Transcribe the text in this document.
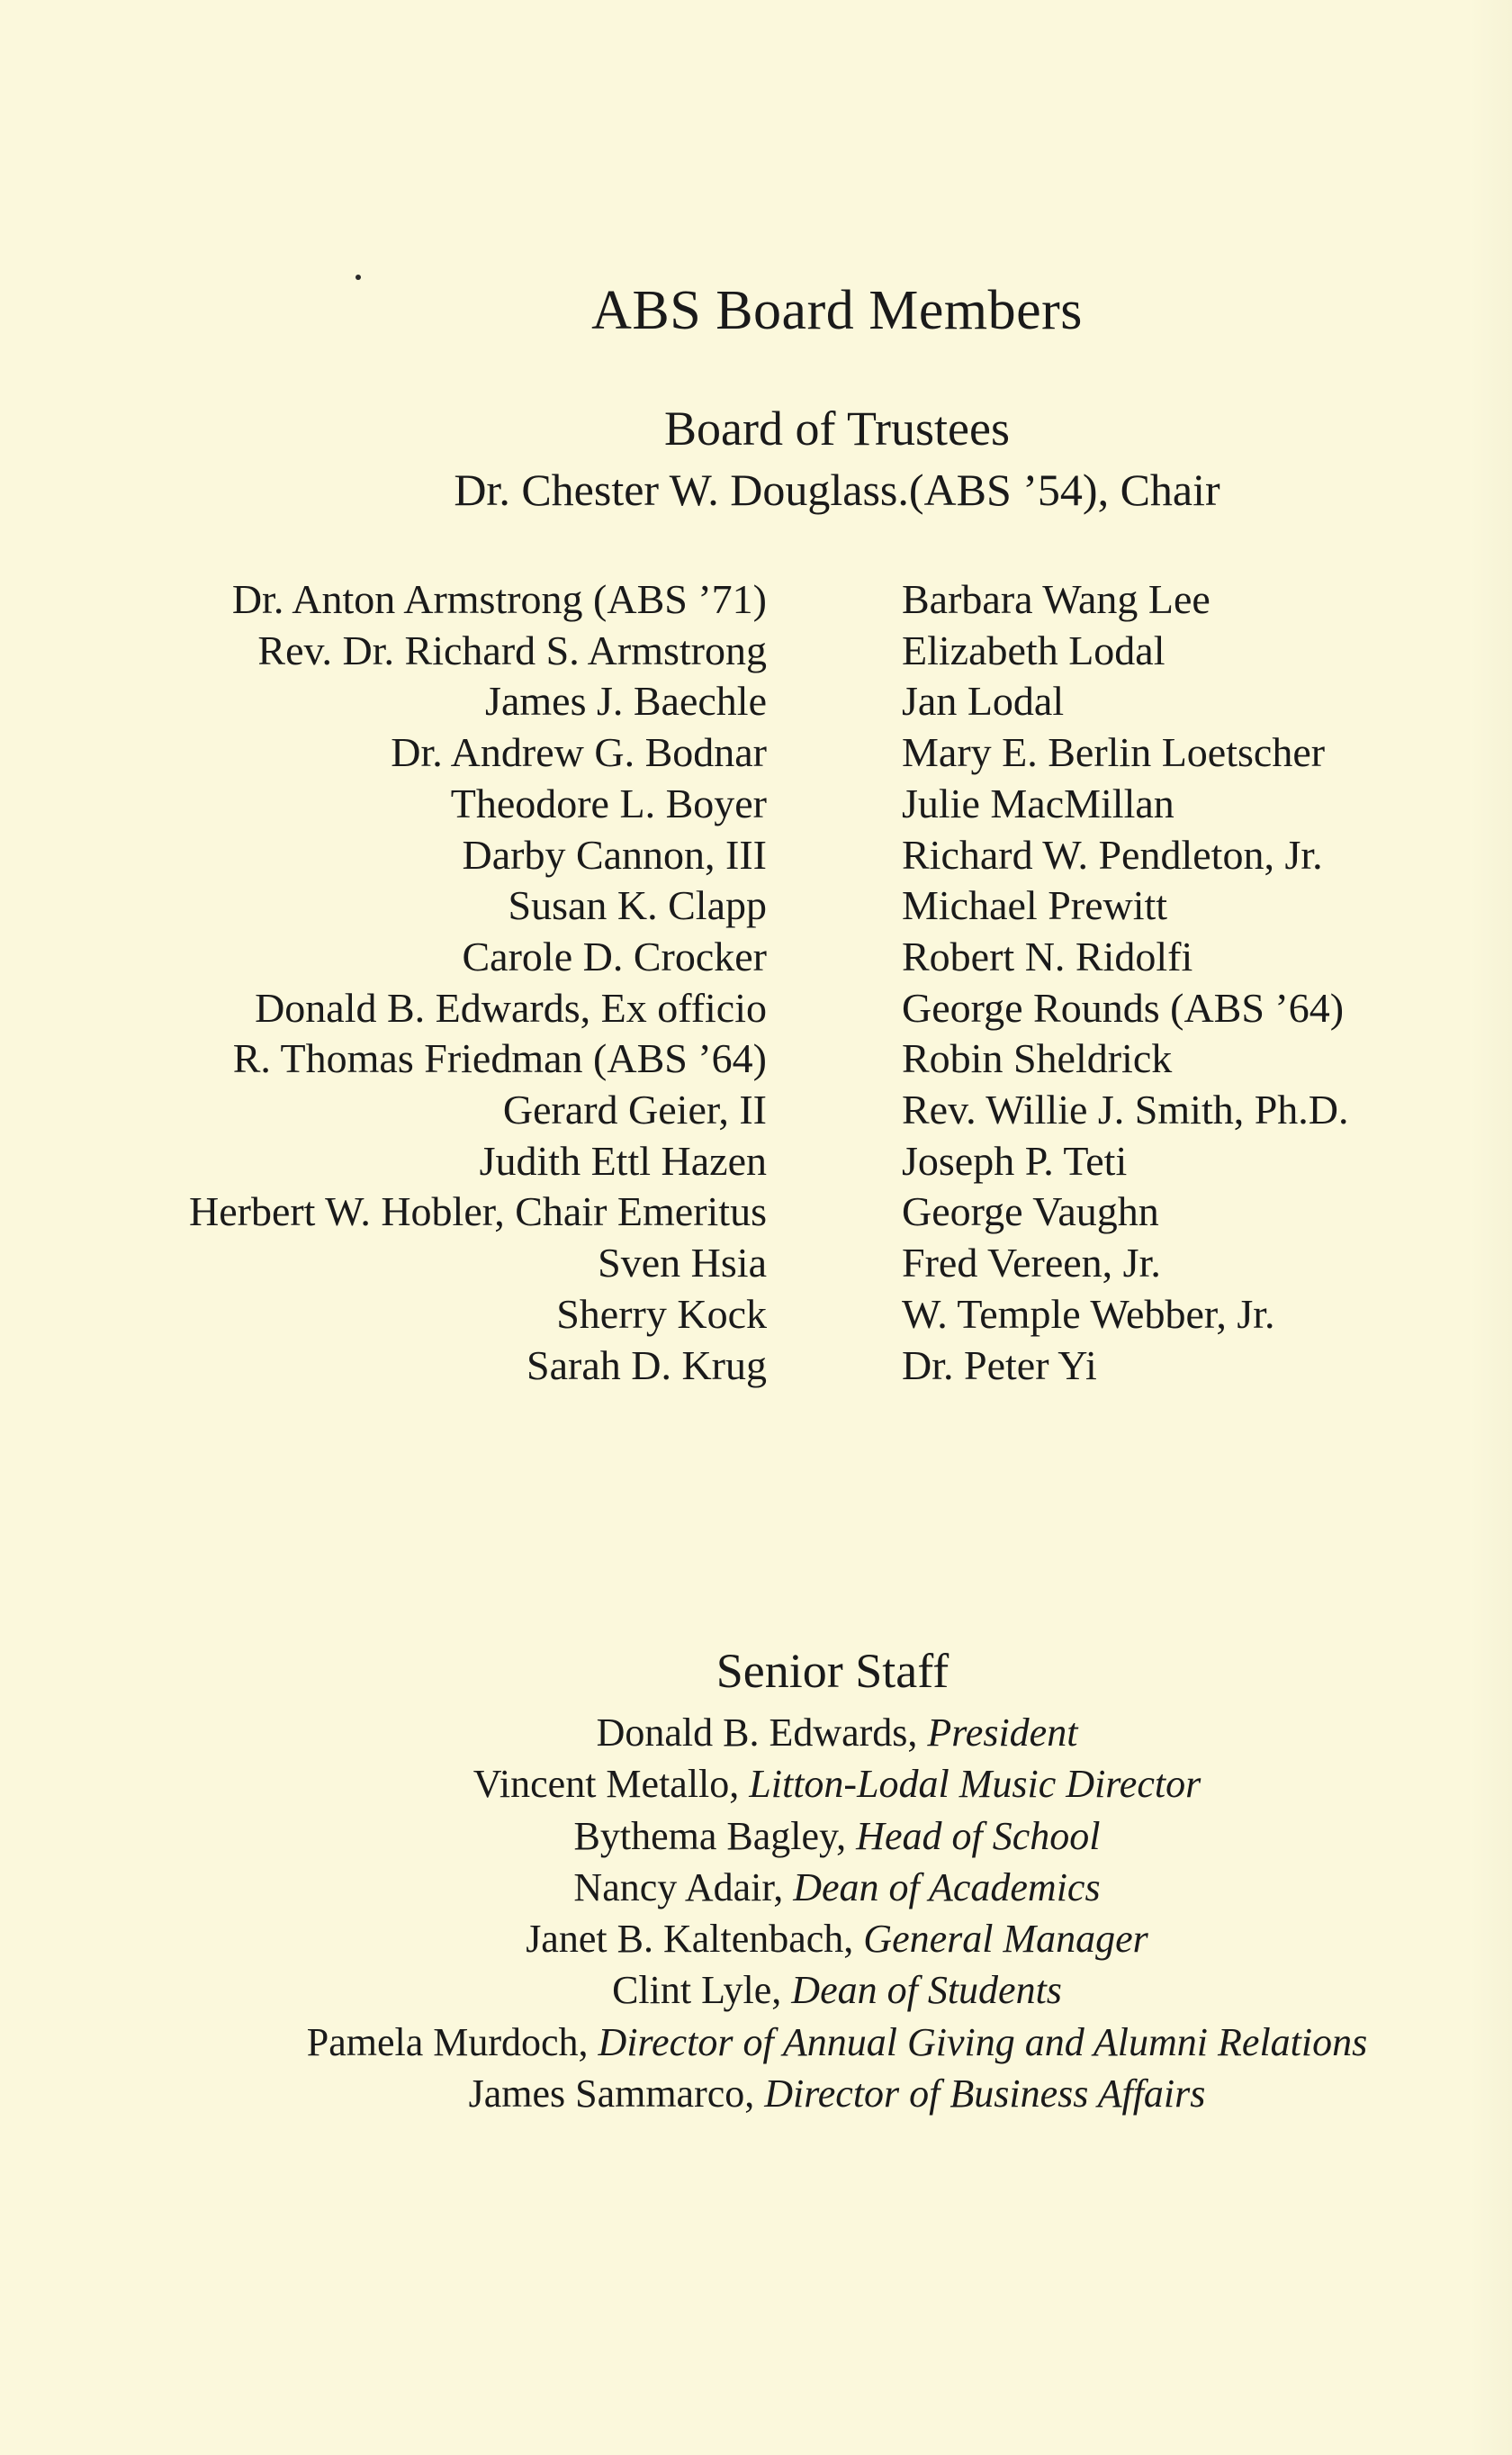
ABS Board Members
Board of Trustees
Dr. Chester W. Douglass.(ABS ’54), Chair
Dr. Anton Armstrong (ABS ’71)
Rev. Dr. Richard S. Armstrong
James J. Baechle
Dr. Andrew G. Bodnar
Theodore L. Boyer
Darby Cannon, III
Susan K. Clapp
Carole D. Crocker
Donald B. Edwards, Ex officio
R. Thomas Friedman (ABS ’64)
Gerard Geier, II
Judith Ettl Hazen
Herbert W. Hobler, Chair Emeritus
Sven Hsia
Sherry Kock
Sarah D. Krug
Barbara Wang Lee
Elizabeth Lodal
Jan Lodal
Mary E. Berlin Loetscher
Julie MacMillan
Richard W. Pendleton, Jr.
Michael Prewitt
Robert N. Ridolfi
George Rounds (ABS ’64)
Robin Sheldrick
Rev. Willie J. Smith, Ph.D.
Joseph P. Teti
George Vaughn
Fred Vereen, Jr.
W. Temple Webber, Jr.
Dr. Peter Yi
Senior Staff
Donald B. Edwards, President
Vincent Metallo, Litton-Lodal Music Director
Bythema Bagley, Head of School
Nancy Adair, Dean of Academics
Janet B. Kaltenbach, General Manager
Clint Lyle, Dean of Students
Pamela Murdoch, Director of Annual Giving and Alumni Relations
James Sammarco, Director of Business Affairs
